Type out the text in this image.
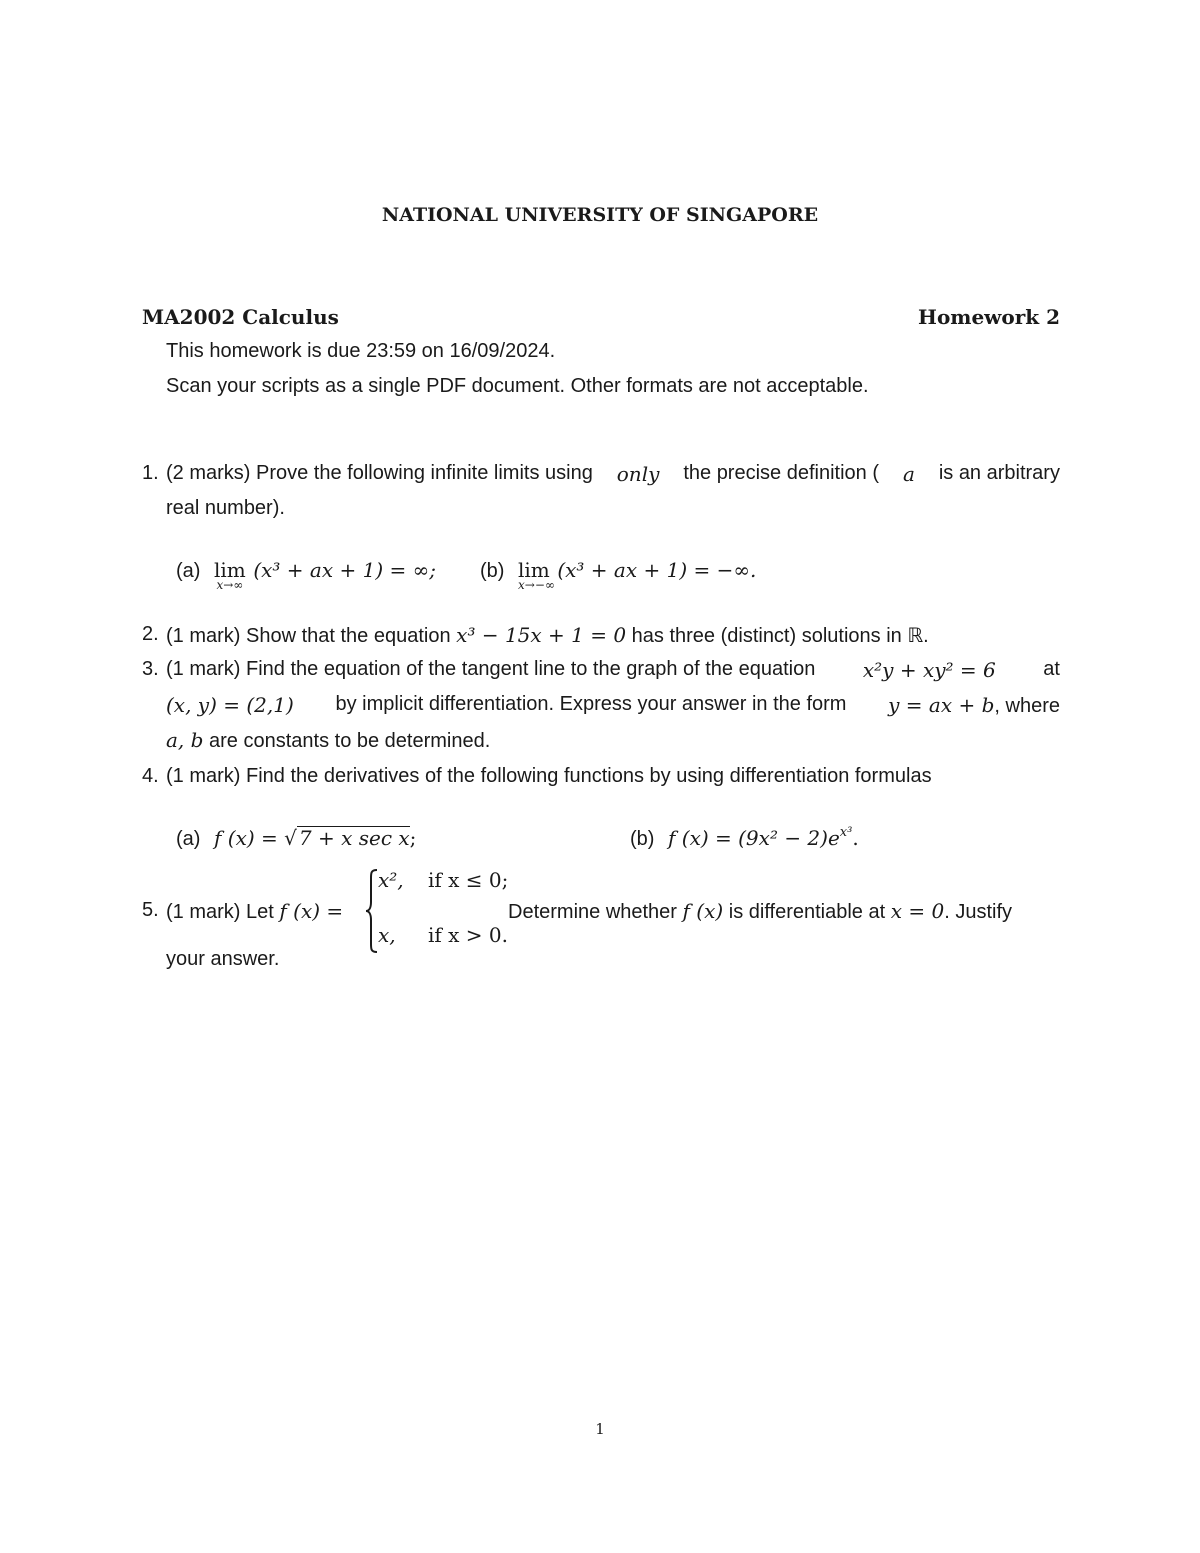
NATIONAL UNIVERSITY OF SINGAPORE
MA2002 Calculus	Homework 2
This homework is due 23:59 on 16/09/2024.
Scan your scripts as a single PDF document. Other formats are not acceptable.
1. (2 marks) Prove the following infinite limits using only the precise definition ( a is an arbitrary
real number).
(a) lim
x→∞
(x³ + ax + 1) = ∞; (b) lim
x→−∞
(x³ + ax + 1) = −∞.
2. (1 mark) Show that the equation x³ − 15x + 1 = 0 has three (distinct) solutions in ℝ.
3. (1 mark) Find the equation of the tangent line to the graph of the equation x²y + xy² = 6 at
(x, y) = (2,1) by implicit differentiation. Express your answer in the form y = ax + b, where
a, b are constants to be determined.
4. (1 mark) Find the derivatives of the following functions by using differentiation formulas
(a) f (x) = √ 7 + x sec x;	(b) f $(x) = (9x^2 - 2)e^{x^3}$.
5. (1 mark) Let f (x) =
x², if x ≤ 0;
x, if x > 0.
Determine whether f (x) is differentiable at x = 0. Justify
your answer.
1
